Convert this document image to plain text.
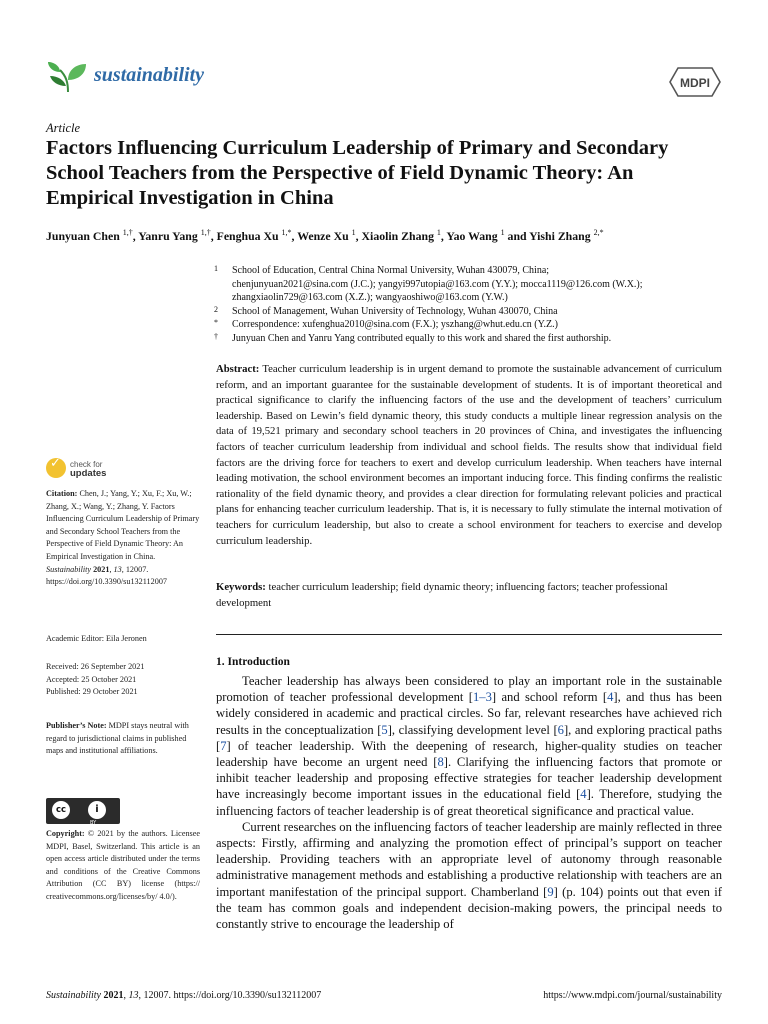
sustainability	MDPI
Article
Factors Influencing Curriculum Leadership of Primary and Secondary School Teachers from the Perspective of Field Dynamic Theory: An Empirical Investigation in China
Junyuan Chen $^{1,\dagger}$, Yanru Yang $^{1,\dagger}$, Fenghua Xu $^{1,*}$, Wenze Xu $^1$, Xiaolin Zhang $^1$, Yao Wang $^1$ and Yishi Zhang $^{2,*}$
1 School of Education, Central China Normal University, Wuhan 430079, China;
chenjunyuan2021@sina.com (J.C.); yangyi997utopia@163.com (Y.Y.); mocca1119@126.com (W.X.);
zhangxiaolin729@163.com (X.Z.); wangyaoshiwo@163.com (Y.W.)
2 School of Management, Wuhan University of Technology, Wuhan 430070, China
* Correspondence: xufenghua2010@sina.com (F.X.); yszhang@whut.edu.cn (Y.Z.)
† Junyuan Chen and Yanru Yang contributed equally to this work and shared the first authorship.
Abstract: Teacher curriculum leadership is in urgent demand to promote the sustainable advancement of curriculum reform, and an important guarantee for the sustainable development of students. It is of important theoretical and practical significance to clarify the influencing factors of the use and the development of teachers’ curriculum leadership. Based on Lewin’s field dynamic theory, this study conducts a multiple linear regression analysis on the data of 19,521 primary and secondary school teachers in 20 provinces of China, and investigates the influencing factors of teacher curriculum leadership from individual and school fields. The results show that individual field factors are the driving force for teachers to exert and develop curriculum leadership. When teachers have internal leading motivation, the school environment becomes an important inducing force. This finding confirms the realistic rationality of the field dynamic theory, and provides a clear direction for formulating relevant policies and practical plans for enhancing teacher curriculum leadership. That is, it is necessary to fully stimulate the internal motivation of teachers for curriculum leadership, but also to create a school environment for teachers to exercise and develop curriculum leadership.
Keywords: teacher curriculum leadership; field dynamic theory; influencing factors; teacher professional development
1. Introduction

Teacher leadership has always been considered to play an important role in the sustainable promotion of teacher professional development [1–3] and school reform [4], and thus has been widely considered in academic and practical circles. So far, relevant researches have achieved rich results in the conceptualization [5], classifying development level [6], and exploring practical paths [7] of teacher leadership. With the deepening of research, higher-quality studies on teacher leadership have become an urgent need [8]. Clarifying the influencing factors that promote or inhibit teacher leadership and proposing effective strategies for teacher leadership development have increasingly become important issues in the educational field [4]. Therefore, studying the influencing factors of teacher leadership is of great theoretical significance and practical value.

Current researches on the influencing factors of teacher leadership are mainly reflected in three aspects: Firstly, affirming and analyzing the promotion effect of principal’s support on teacher leadership. Providing teachers with an appropriate level of autonomy through reasonable administrative management methods and establishing a productive relationship with teachers are an important manifestation of the principal support. Chamberland [9] (p. 104) points out that even if the team has common goals and independent decision-making powers, the principal needs to constantly strive to encourage the leadership of

✓ check for
updates
Citation: Chen, J.; Yang, Y.; Xu, F.; Xu, W.; Zhang, X.; Wang, Y.; Zhang, Y. Factors Influencing Curriculum Leadership of Primary and Secondary School Teachers from the Perspective of Field Dynamic Theory: An Empirical Investigation in China. Sustainability 2021, 13, 12007. https://doi.org/10.3390/su132112007
Academic Editor: Eila Jeronen
Received: 26 September 2021
Accepted: 25 October 2021
Published: 29 October 2021
Publisher’s Note: MDPI stays neutral with regard to jurisdictional claims in published maps and institutional affiliations.
cc	i
BY
Copyright: © 2021 by the authors. Licensee MDPI, Basel, Switzerland. This article is an open access article distributed under the terms and conditions of the Creative Commons Attribution (CC BY) license (https:// creativecommons.org/licenses/by/ 4.0/).
Sustainability 2021, 13, 12007. https://doi.org/10.3390/su132112007	https://www.mdpi.com/journal/sustainability
